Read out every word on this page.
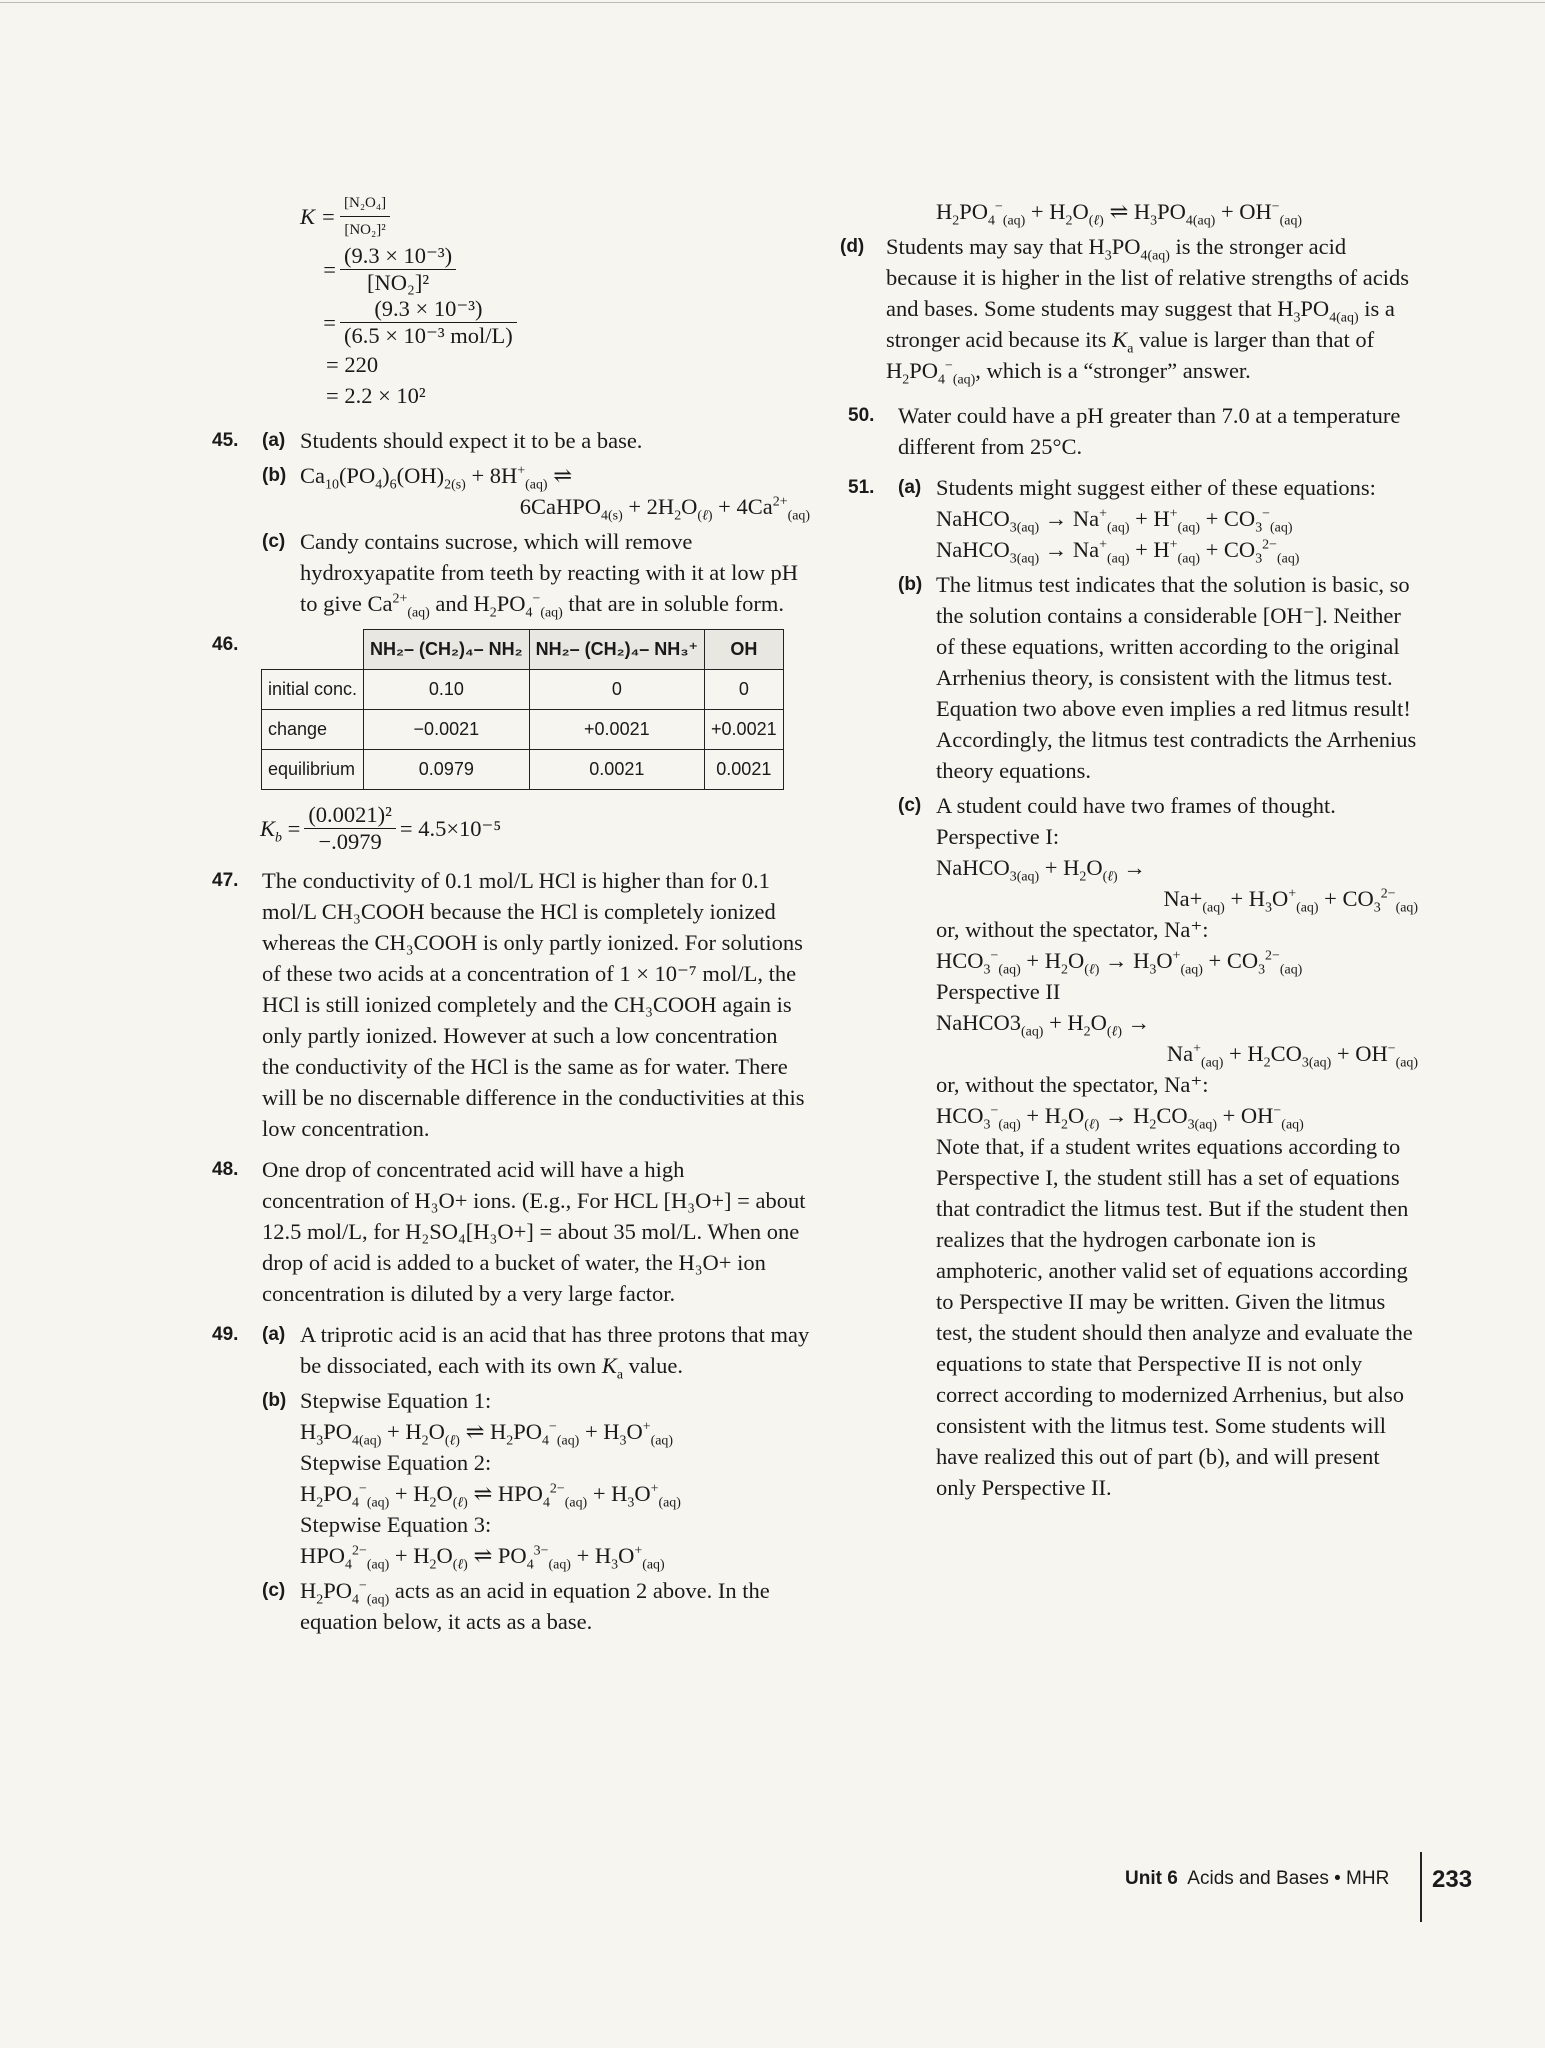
$K = \frac{\text{[N₂O₄]}}{\text{[NO₂]²}}$
= $\frac{\text{(9.3 × 10⁻³)}}{\text{[NO₂]²}}$
= $\frac{\text{(9.3 × 10⁻³)}}{\text{(6.5 × 10⁻³ mol/L)}}$
= 220
= 2.2 × 10²
45. (a) Students should expect it to be a base.
(b) $Ca_{10}(PO_4)_6(OH)_{2(s)} + 8H^+_{(aq)}$ ⇌
6CaHPO$_{4(s)}$ + $2H_2O_{(\ell)} + 4Ca^{2+}_{(aq)}$
(c) Candy contains sucrose, which will remove hydroxyapatite from teeth by reacting with it at low pH to give $Ca^{2+}_{(aq)}$ and $H_2PO_4^-_{(aq)}$ that are in soluble form.
46.
		NH₂– (CH₂)₄– NH₂	NH₂– (CH₂)₄– NH₃⁺	OH
initial conc.	0.10	0	0
change	−0.0021	+0.0021	+0.0021
equilibrium	0.0979	0.0021	0.0021
$K_b = \frac{\text{(0.0021)²}}{-.0979} = 4.5\times 10^{-5}$
47. The conductivity of 0.1 mol/L HCl is higher than for 0.1 mol/L CH₃COOH because the HCl is completely ionized whereas the CH₃COOH is only partly ionized. For solutions of these two acids at a concentration of 1 × 10⁻⁷ mol/L, the HCl is still ionized completely and the CH₃COOH again is only partly ionized. However at such a low concentration the conductivity of the HCl is the same as for water. There will be no discernable difference in the conductivities at this low concentration.
48. One drop of concentrated acid will have a high concentration of H₃O+ ions. (E.g., For HCL [H₃O+] = about 12.5 mol/L, for H₂SO₄[H₃O+] = about 35 mol/L. When one drop of acid is added to a bucket of water, the H₃O+ ion concentration is diluted by a very large factor.
49. (a) A triprotic acid is an acid that has three protons that may be dissociated, each with its own $K_a$ value.
(b) Stepwise Equation 1:
$H_3PO_{4(aq)} + H_2O_{(\ell)}$ ⇌ $H_2PO_4^-_{(aq)} + H_3O^+_{(aq)}$
Stepwise Equation 2:
$H_2PO_4^-_{(aq)} + H_2O_{(\ell)}$ ⇌ $HPO_4^{2-}_{(aq)} + H_3O^+_{(aq)}$
Stepwise Equation 3:
$HPO_4^{2-}_{(aq)} + H_2O_{(\ell)}$ ⇌ $PO_4^{3-}_{(aq)} + H_3O^+_{(aq)}$
(c) $H_2PO_4^-_{(aq)}$ acts as an acid in equation 2 above. In the equation below, it acts as a base.
$H_2PO_4^-_{(aq)} + H_2O_{(\ell)}$ ⇌ $H_3PO_{4(aq)} + OH^-_{(aq)}$
(d) Students may say that $H_3PO_{4(aq)}$ is the stronger acid because it is higher in the list of relative strengths of acids and bases. Some students may suggest that $H_3PO_{4(aq)}$ is a stronger acid because its $K_a$ value is larger than that of $H_2PO_4^-_{(aq)}$, which is a “stronger” answer.
50. Water could have a pH greater than 7.0 at a temperature different from 25°C.
51. (a) Students might suggest either of these equations:
NaHCO$_{3(aq)}$ → $Na^+_{(aq)} + H^+_{(aq)} + CO_3^-_{(aq)}$
NaHCO$_{3(aq)}$ → $Na^+_{(aq)} + H^+_{(aq)} + CO_3^{2-}_{(aq)}$
(b) The litmus test indicates that the solution is basic, so the solution contains a considerable [OH⁻]. Neither of these equations, written according to the original Arrhenius theory, is consistent with the litmus test. Equation two above even implies a red litmus result! Accordingly, the litmus test contradicts the Arrhenius theory equations.
(c) A student could have two frames of thought.
Perspective I:
NaHCO$_{3(aq)}$ + $H_2O_{(\ell)}$ →
$Na+_{(aq)} + H_3O^+_{(aq)} + CO_3^{2-}_{(aq)}$
or, without the spectator, Na⁺:
$HCO_3^-_{(aq)} + H_2O_{(\ell)} \to H_3O^+_{(aq)} + CO_3^{2-}_{(aq)}$
Perspective II
$NaHCO3_{(aq)} + H_2O_{(\ell)}$ →
$Na^+_{(aq)} + H_2CO_{3(aq)} + OH^-_{(aq)}$
or, without the spectator, Na⁺:
$HCO_3^-_{(aq)} + H_2O_{(\ell)} \to H_2CO_{3(aq)} + OH^-_{(aq)}$
Note that, if a student writes equations according to Perspective I, the student still has a set of equations that contradict the litmus test. But if the student then realizes that the hydrogen carbonate ion is amphoteric, another valid set of equations according to Perspective II may be written. Given the litmus test, the student should then analyze and evaluate the equations to state that Perspective II is not only correct according to modernized Arrhenius, but also consistent with the litmus test. Some students will have realized this out of part (b), and will present only Perspective II.
Unit 6 Acids and Bases • MHR 233
